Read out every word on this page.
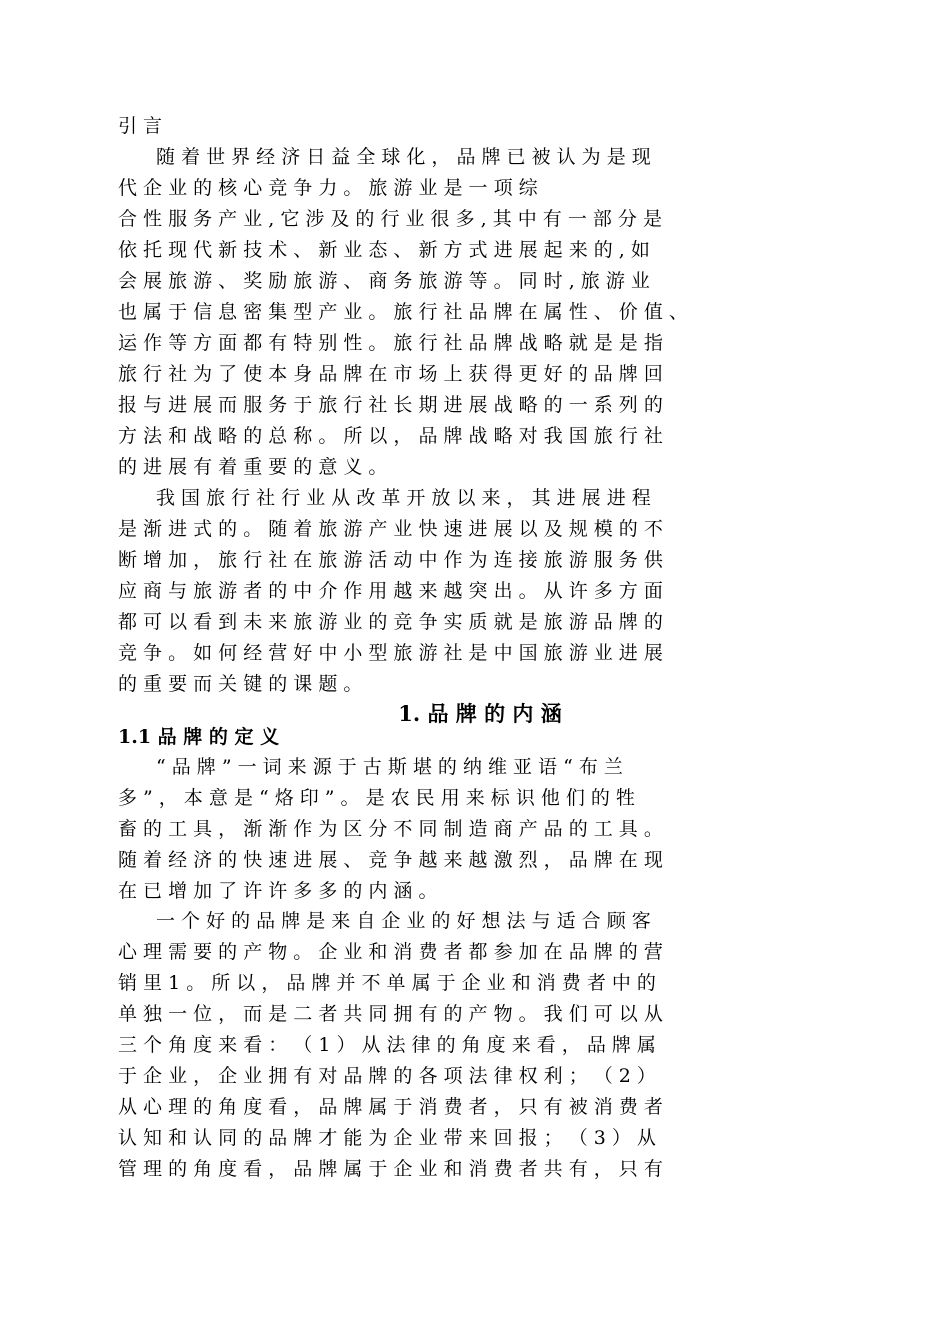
引 言
　　随 着 世 界 经 济 日 益 全 球 化 ， 品 牌 已 被 认 为 是 现
代 企 业 的 核 心 竞 争 力 。 旅 游 业 是 一 项 综
合 性 服 务 产 业 , 它 涉 及 的 行 业 很 多 , 其 中 有 一 部 分 是
依 托 现 代 新 技 术 、 新 业 态 、 新 方 式 进 展 起 来 的 , 如
会 展 旅 游 、 奖 励 旅 游 、 商 务 旅 游 等 。 同 时 , 旅 游 业
也 属 于 信 息 密 集 型 产 业 。 旅 行 社 品 牌 在 属 性 、 价 值 、
运 作 等 方 面 都 有 特 别 性 。 旅 行 社 品 牌 战 略 就 是 是 指
旅 行 社 为 了 使 本 身 品 牌 在 市 场 上 获 得 更 好 的 品 牌 回
报 与 进 展 而 服 务 于 旅 行 社 长 期 进 展 战 略 的 一 系 列 的
方 法 和 战 略 的 总 称 。 所 以 ， 品 牌 战 略 对 我 国 旅 行 社
的 进 展 有 着 重 要 的 意 义 。
　　我 国 旅 行 社 行 业 从 改 革 开 放 以 来 ， 其 进 展 进 程
是 渐 进 式 的 。 随 着 旅 游 产 业 快 速 进 展 以 及 规 模 的 不
断 增 加 ， 旅 行 社 在 旅 游 活 动 中 作 为 连 接 旅 游 服 务 供
应 商 与 旅 游 者 的 中 介 作 用 越 来 越 突 出 。 从 许 多 方 面
都 可 以 看 到 未 来 旅 游 业 的 竞 争 实 质 就 是 旅 游 品 牌 的
竞 争 。 如 何 经 营 好 中 小 型 旅 游 社 是 中 国 旅 游 业 进 展
的 重 要 而 关 键 的 课 题 。
1. 品 牌 的 内 涵
1.1 品 牌 的 定 义
　　“ 品 牌 ” 一 词 来 源 于 古 斯 堪 的 纳 维 亚 语 “ 布 兰
多 ” ， 本 意 是 “ 烙 印 ” 。 是 农 民 用 来 标 识 他 们 的 牲
畜 的 工 具 ， 渐 渐 作 为 区 分 不 同 制 造 商 产 品 的 工 具 。
随 着 经 济 的 快 速 进 展 、 竞 争 越 来 越 激 烈 ， 品 牌 在 现
在 已 增 加 了 许 许 多 多 的 内 涵 。
　　一 个 好 的 品 牌 是 来 自 企 业 的 好 想 法 与 适 合 顾 客
心 理 需 要 的 产 物 。 企 业 和 消 费 者 都 参 加 在 品 牌 的 营
销 里 1 。 所 以 ， 品 牌 并 不 单 属 于 企 业 和 消 费 者 中 的
单 独 一 位 ， 而 是 二 者 共 同 拥 有 的 产 物 。 我 们 可 以 从
三 个 角 度 来 看 ： （ 1 ） 从 法 律 的 角 度 来 看 ， 品 牌 属
于 企 业 ， 企 业 拥 有 对 品 牌 的 各 项 法 律 权 利 ； （ 2 ）
从 心 理 的 角 度 看 ， 品 牌 属 于 消 费 者 ， 只 有 被 消 费 者
认 知 和 认 同 的 品 牌 才 能 为 企 业 带 来 回 报 ； （ 3 ） 从
管 理 的 角 度 看 ， 品 牌 属 于 企 业 和 消 费 者 共 有 ， 只 有
